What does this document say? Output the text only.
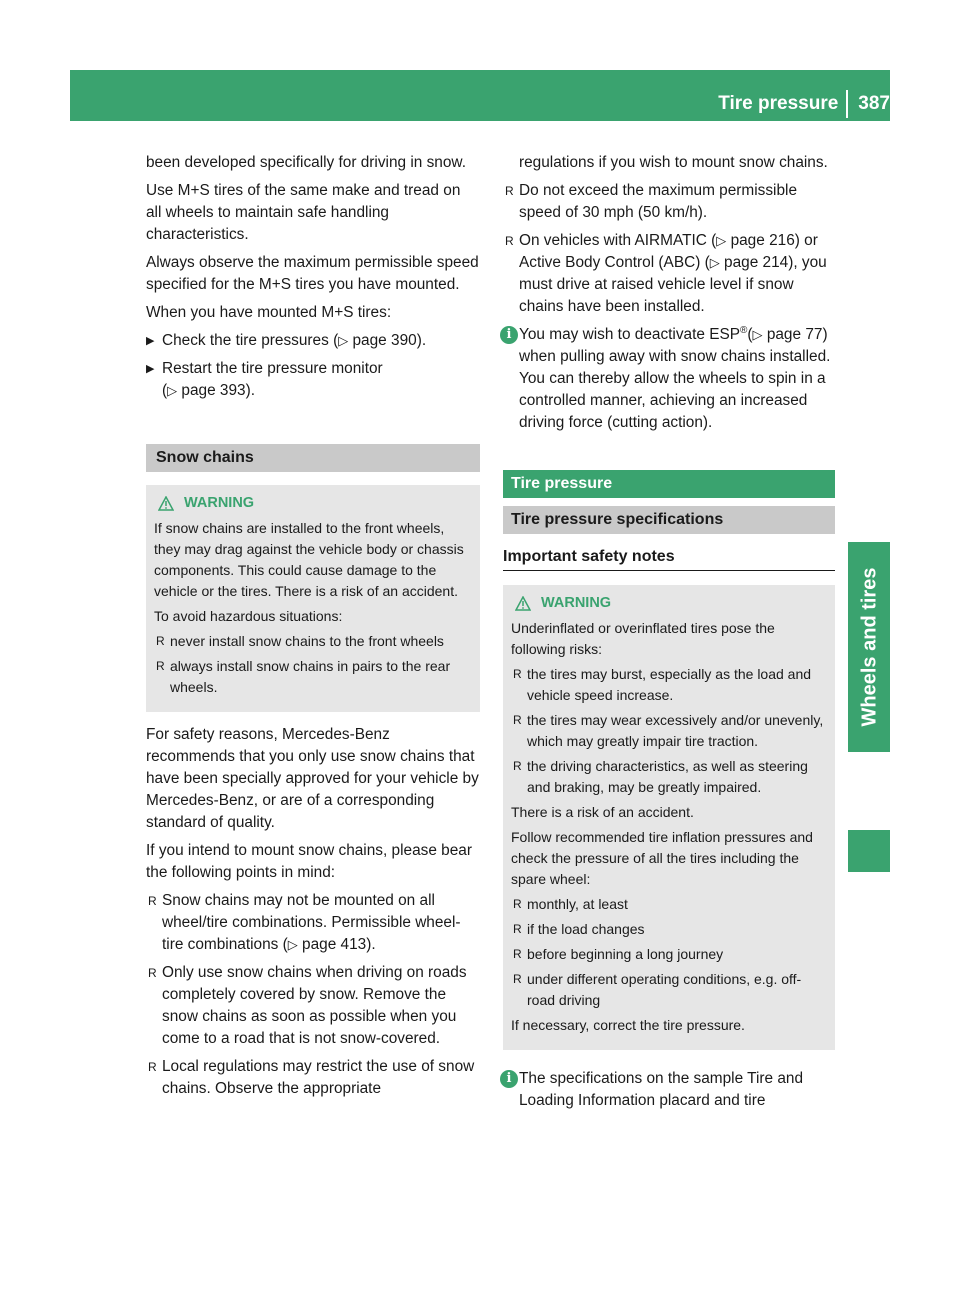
Tire pressure 387
Wheels and tires

been developed specifically for driving in snow.

Use M+S tires of the same make and tread on all wheels to maintain safe handling characteristics.

Always observe the maximum permissible speed specified for the M+S tires you have mounted.

When you have mounted M+S tires:

▶ Check the tire pressures (▷ page 390).
▶ Restart the tire pressure monitor
(▷ page 393).
Snow chains
WARNING

If snow chains are installed to the front wheels, they may drag against the vehicle body or chassis components. This could cause damage to the vehicle or the tires. There is a risk of an accident.

To avoid hazardous situations:

R never install snow chains to the front wheels
R always install snow chains in pairs to the rear wheels.

For safety reasons, Mercedes-Benz recommends that you only use snow chains that have been specially approved for your vehicle by Mercedes-Benz, or are of a corresponding standard of quality.

If you intend to mount snow chains, please bear the following points in mind:

R Snow chains may not be mounted on all wheel/tire combinations. Permissible wheel-tire combinations (▷ page 413).
R Only use snow chains when driving on roads completely covered by snow. Remove the snow chains as soon as possible when you come to a road that is not snow-covered.
R Local regulations may restrict the use of snow chains. Observe the appropriate

regulations if you wish to mount snow chains.

R Do not exceed the maximum permissible speed of 30 mph (50 km/h).
R On vehicles with AIRMATIC (▷ page 216) or Active Body Control (ABC) (▷ page 214), you must drive at raised vehicle level if snow chains have been installed.
i You may wish to deactivate ESP®(▷ page 77) when pulling away with snow chains installed. You can thereby allow the wheels to spin in a controlled manner, achieving an increased driving force (cutting action).
Tire pressure
Tire pressure specifications
Important safety notes
WARNING

Underinflated or overinflated tires pose the following risks:

R the tires may burst, especially as the load and vehicle speed increase.
R the tires may wear excessively and/or unevenly, which may greatly impair tire traction.
R the driving characteristics, as well as steering and braking, may be greatly impaired.

There is a risk of an accident.

Follow recommended tire inflation pressures and check the pressure of all the tires including the spare wheel:

R monthly, at least
R if the load changes
R before beginning a long journey
R under different operating conditions, e.g. off-road driving

If necessary, correct the tire pressure.

i The specifications on the sample Tire and Loading Information placard and tire
